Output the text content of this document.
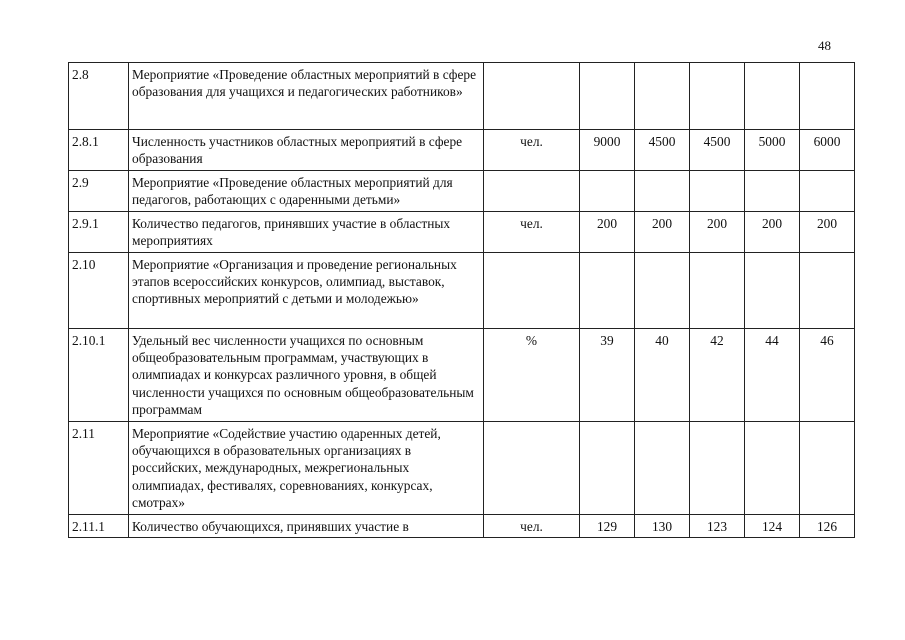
48
2.8	Мероприятие «Проведение областных мероприятий в сфере образования для учащихся и педагогических работников»						
2.8.1	Численность участников областных мероприятий в сфере образования	чел.	9000	4500	4500	5000	6000
2.9	Мероприятие «Проведение областных мероприятий для педагогов, работающих с одаренными детьми»						
2.9.1	Количество педагогов, принявших участие в областных мероприятиях	чел.	200	200	200	200	200
2.10	Мероприятие «Организация и проведение региональных этапов всероссийских конкурсов, олимпиад, выставок, спортивных мероприятий с детьми и молодежью»						
2.10.1	Удельный вес численности учащихся по основным общеобразовательным программам, участвующих в олимпиадах и конкурсах различного уровня, в общей численности учащихся по основным общеобразовательным программам	%	39	40	42	44	46
2.11	Мероприятие «Содействие участию одаренных детей, обучающихся в образовательных организациях в российских, международных, межрегиональных олимпиадах, фестивалях, соревнованиях, конкурсах, смотрах»						
2.11.1	Количество обучающихся, принявших участие в	чел.	129	130	123	124	126
